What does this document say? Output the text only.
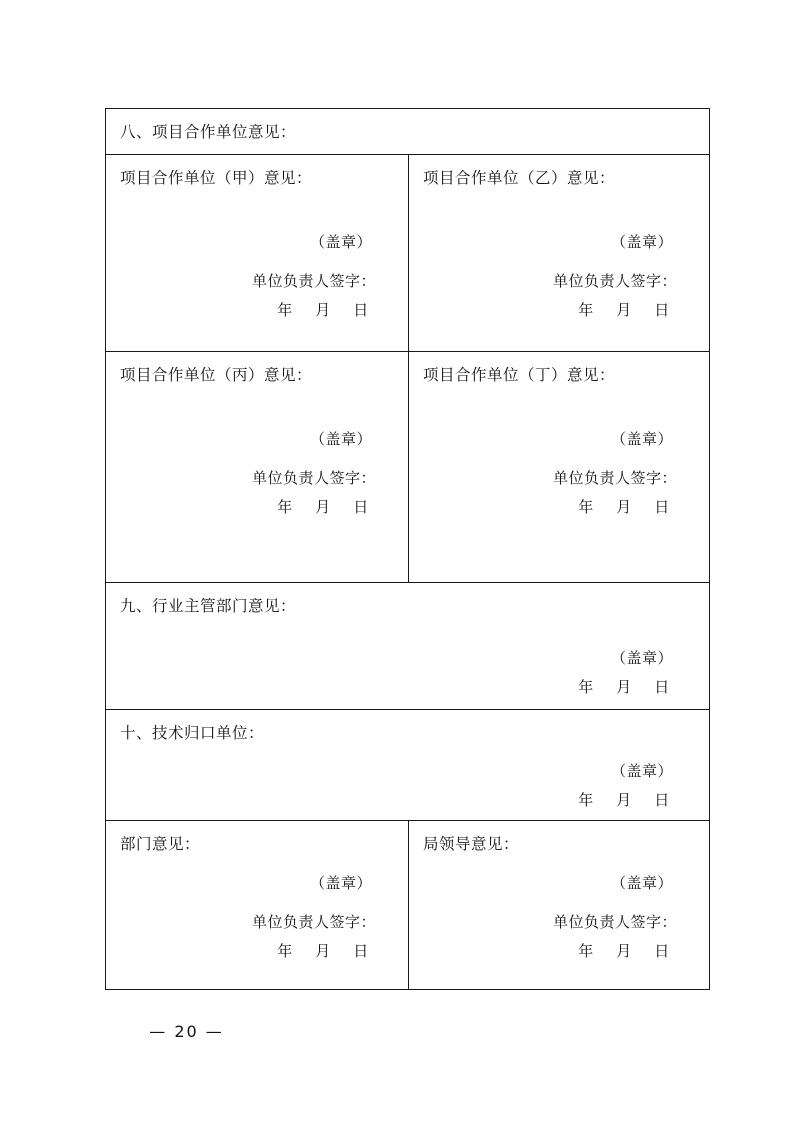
八、项目合作单位意见：	

项目合作单位（甲）意见：
（盖章）
单位负责人签字：
年 月 日

项目合作单位（乙）意见：
（盖章）
单位负责人签字：
年 月 日

项目合作单位（丙）意见：
（盖章）
单位负责人签字：
年 月 日

项目合作单位（丁）意见：
（盖章）
单位负责人签字：
年 月 日

九、行业主管部门意见：
（盖章）
年 月 日	

十、技术归口单位：
（盖章）
年 月 日	

部门意见：
（盖章）
单位负责人签字：
年 月 日

局领导意见：
（盖章）
单位负责人签字：
年 月 日
— 20 —
